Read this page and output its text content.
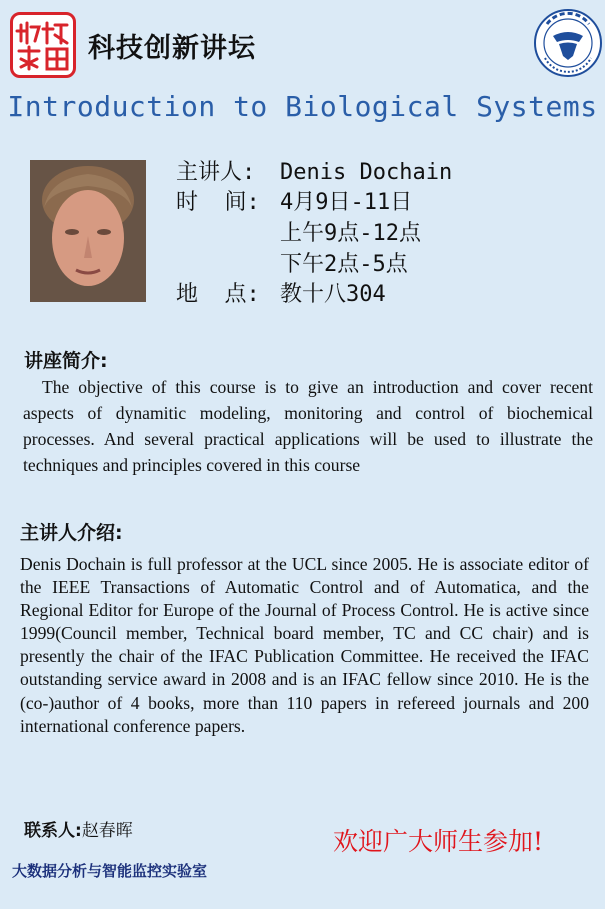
科技创新讲坛
Introduction to Biological Systems
主讲人: Denis Dochain
时  间: 4月9日-11日
上午9点-12点
下午2点-5点
地  点: 教十八304
讲座简介:
The objective of this course is to give an introduction and cover recent aspects of dynamitic modeling, monitoring and control of biochemical processes. And several practical applications will be used to illustrate the techniques and principles covered in this course
主讲人介绍:
Denis Dochain is full professor at the UCL since 2005. He is associate editor of the IEEE Transactions of Automatic Control and of Automatica, and the Regional Editor for Europe of the Journal of Process Control. He is active since 1999(Council member, Technical board member, TC and CC chair) and is presently the chair of the IFAC Publication Committee. He received the IFAC outstanding service award in 2008 and is an IFAC fellow since 2010. He is the (co-)author of 4 books, more than 110 papers in refereed journals and 200 international conference papers.
联系人:赵春晖	欢迎广大师生参加!
大数据分析与智能监控实验室
